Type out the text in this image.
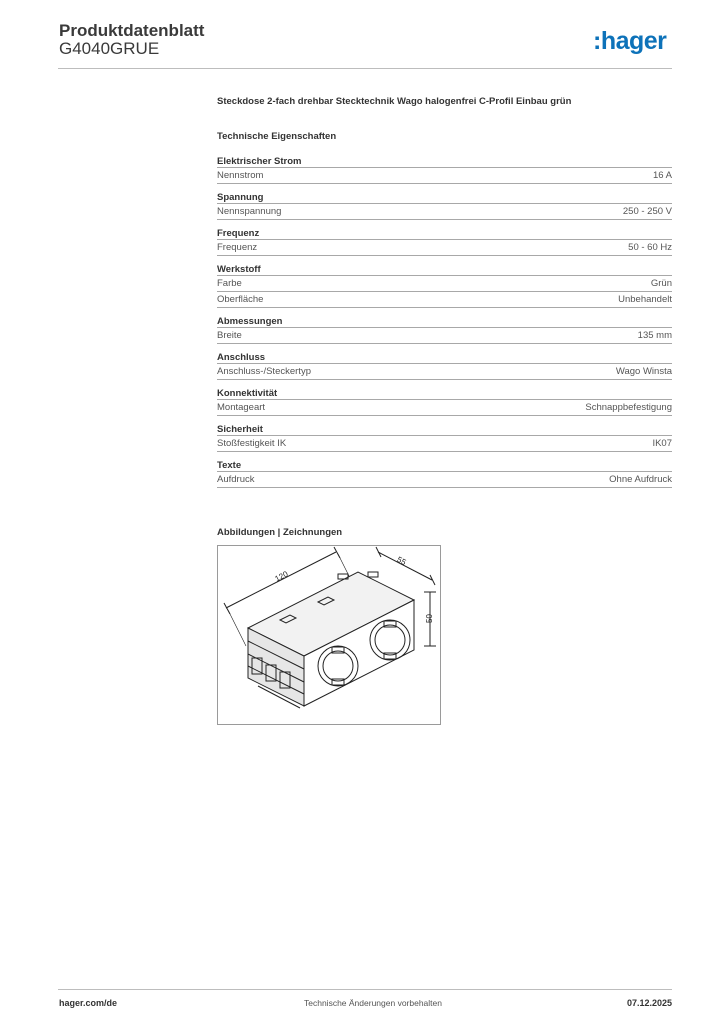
Produktdatenblatt
G4040GRUE	:hager
Steckdose 2-fach drehbar Stecktechnik Wago halogenfrei C-Profil Einbau grün
Technische Eigenschaften
Elektrischer Strom
Nennstrom	16 A
Spannung
Nennspannung	250 - 250 V
Frequenz
Frequenz	50 - 60 Hz
Werkstoff
Farbe	Grün
Oberfläche	Unbehandelt
Abmessungen
Breite	135 mm
Anschluss
Anschluss-/Steckertyp	Wago Winsta
Konnektivität
Montageart	Schnappbefestigung
Sicherheit
Stoßfestigkeit IK	IK07
Texte
Aufdruck	Ohne Aufdruck
Abbildungen | Zeichnungen
120
55
50
hager.com/de	Technische Änderungen vorbehalten	07.12.2025
